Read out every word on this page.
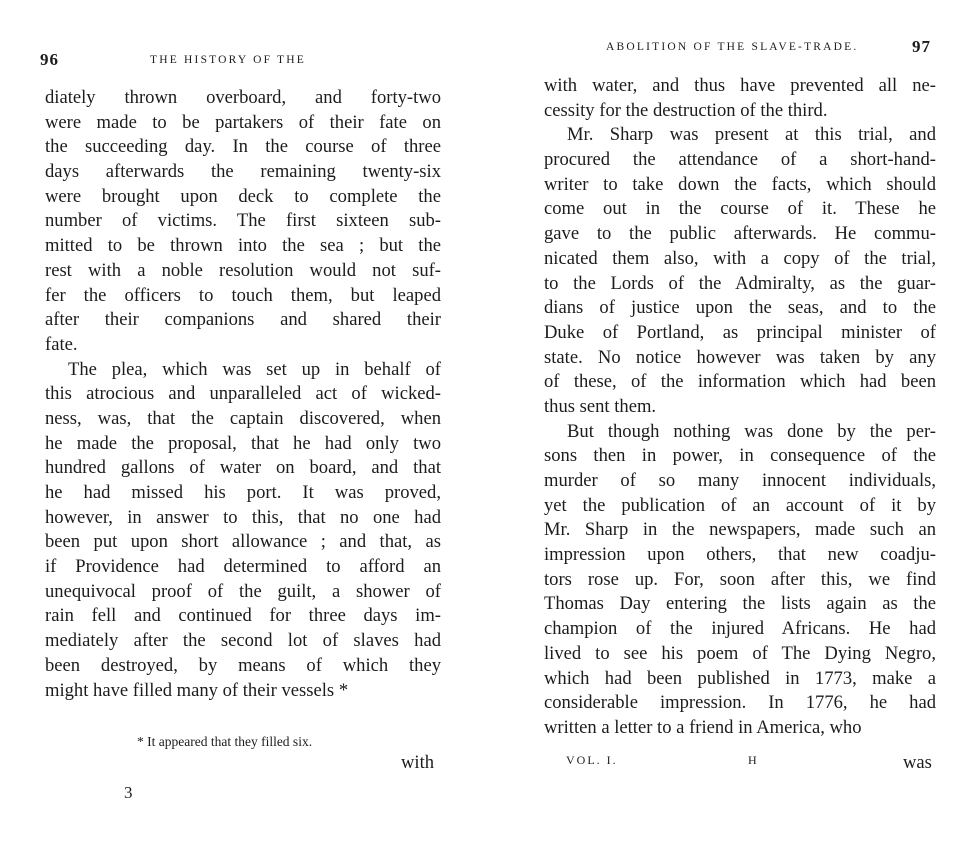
96	THE HISTORY OF THE
diately thrown overboard, and forty-two
were made to be partakers of their fate on
the succeeding day. In the course of three
days afterwards the remaining twenty-six
were brought upon deck to complete the
number of victims. The first sixteen sub-
mitted to be thrown into the sea ; but the
rest with a noble resolution would not suf-
fer the officers to touch them, but leaped
after their companions and shared their
fate.
The plea, which was set up in behalf of
this atrocious and unparalleled act of wicked-
ness, was, that the captain discovered, when
he made the proposal, that he had only two
hundred gallons of water on board, and that
he had missed his port. It was proved,
however, in answer to this, that no one had
been put upon short allowance ; and that, as
if Providence had determined to afford an
unequivocal proof of the guilt, a shower of
rain fell and continued for three days im-
mediately after the second lot of slaves had
been destroyed, by means of which they
might have filled many of their vessels *
* It appeared that they filled six.
with
3
ABOLITION OF THE SLAVE-TRADE.	97
with water, and thus have prevented all ne-
cessity for the destruction of the third.
Mr. Sharp was present at this trial, and
procured the attendance of a short-hand-
writer to take down the facts, which should
come out in the course of it. These he
gave to the public afterwards. He commu-
nicated them also, with a copy of the trial,
to the Lords of the Admiralty, as the guar-
dians of justice upon the seas, and to the
Duke of Portland, as principal minister of
state. No notice however was taken by any
of these, of the information which had been
thus sent them.
But though nothing was done by the per-
sons then in power, in consequence of the
murder of so many innocent individuals,
yet the publication of an account of it by
Mr. Sharp in the newspapers, made such an
impression upon others, that new coadju-
tors rose up. For, soon after this, we find
Thomas Day entering the lists again as the
champion of the injured Africans. He had
lived to see his poem of The Dying Negro,
which had been published in 1773, make a
considerable impression. In 1776, he had
written a letter to a friend in America, who
VOL. I.	H	was
